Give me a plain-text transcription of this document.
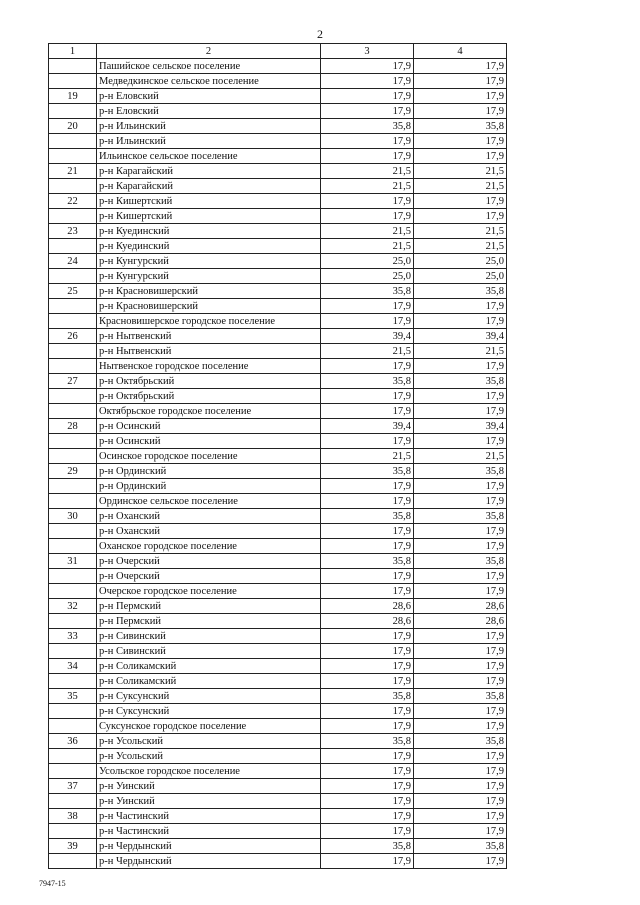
2
1	2	3	4
	Пашийское сельское поселение	17,9	17,9
	Медведкинское сельское поселение	17,9	17,9
19	р-н Еловский	17,9	17,9
	р-н Еловский	17,9	17,9
20	р-н Ильинский	35,8	35,8
	р-н Ильинский	17,9	17,9
	Ильинское сельское поселение	17,9	17,9
21	р-н Карагайский	21,5	21,5
	р-н Карагайский	21,5	21,5
22	р-н Кишертский	17,9	17,9
	р-н Кишертский	17,9	17,9
23	р-н Куединский	21,5	21,5
	р-н Куединский	21,5	21,5
24	р-н Кунгурский	25,0	25,0
	р-н Кунгурский	25,0	25,0
25	р-н Красновишерский	35,8	35,8
	р-н Красновишерский	17,9	17,9
	Красновишерское городское поселение	17,9	17,9
26	р-н Нытвенский	39,4	39,4
	р-н Нытвенский	21,5	21,5
	Нытвенское городское поселение	17,9	17,9
27	р-н Октябрьский	35,8	35,8
	р-н Октябрьский	17,9	17,9
	Октябрьское городское поселение	17,9	17,9
28	р-н Осинский	39,4	39,4
	р-н Осинский	17,9	17,9
	Осинское городское поселение	21,5	21,5
29	р-н Ординский	35,8	35,8
	р-н Ординский	17,9	17,9
	Ординское сельское поселение	17,9	17,9
30	р-н Оханский	35,8	35,8
	р-н Оханский	17,9	17,9
	Оханское городское поселение	17,9	17,9
31	р-н Очерский	35,8	35,8
	р-н Очерский	17,9	17,9
	Очерское городское поселение	17,9	17,9
32	р-н Пермский	28,6	28,6
	р-н Пермский	28,6	28,6
33	р-н Сивинский	17,9	17,9
	р-н Сивинский	17,9	17,9
34	р-н Соликамский	17,9	17,9
	р-н Соликамский	17,9	17,9
35	р-н Суксунский	35,8	35,8
	р-н Суксунский	17,9	17,9
	Суксунское городское поселение	17,9	17,9
36	р-н Усольский	35,8	35,8
	р-н Усольский	17,9	17,9
	Усольское городское поселение	17,9	17,9
37	р-н Уинский	17,9	17,9
	р-н Уинский	17,9	17,9
38	р-н Частинский	17,9	17,9
	р-н Частинский	17,9	17,9
39	р-н Чердынский	35,8	35,8
	р-н Чердынский	17,9	17,9
7947-15
